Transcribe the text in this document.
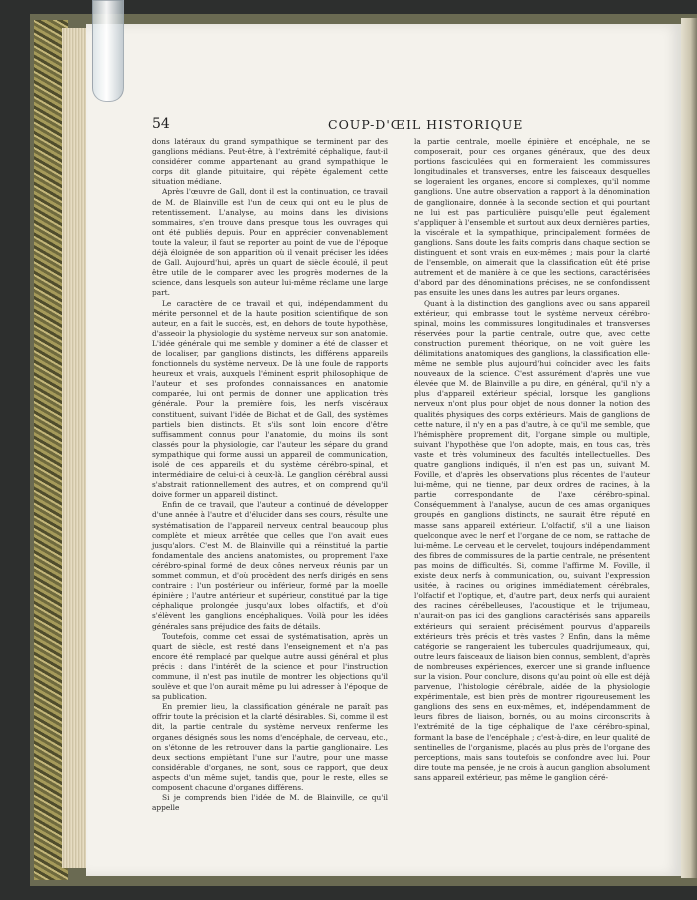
54	COUP-D'ŒIL HISTORIQUE

dons latéraux du grand sympathique se terminent par des ganglions médians. Peut-être, à l'extrémité céphalique, faut-il considérer comme appartenant au grand sympathique le corps dit glande pituitaire, qui répète également cette situation médiane.

Après l'œuvre de Gall, dont il est la continuation, ce travail de M. de Blainville est l'un de ceux qui ont eu le plus de retentissement. L'analyse, au moins dans les divisions sommaires, s'en trouve dans presque tous les ouvrages qui ont été publiés depuis. Pour en apprécier convenablement toute la valeur, il faut se reporter au point de vue de l'époque déjà éloignée de son apparition où il venait préciser les idées de Gall. Aujourd'hui, après un quart de siècle écoulé, il peut être utile de le comparer avec les progrès modernes de la science, dans lesquels son auteur lui-même réclame une large part.

Le caractère de ce travail et qui, indépendamment du mérite personnel et de la haute position scientifique de son auteur, en a fait le succès, est, en dehors de toute hypothèse, d'asseoir la physiologie du système nerveux sur son anatomie. L'idée générale qui me semble y dominer a été de classer et de localiser, par ganglions distincts, les différens appareils fonctionnels du système nerveux. De là une foule de rapports heureux et vrais, auxquels l'éminent esprit philosophique de l'auteur et ses profondes connaissances en anatomie comparée, lui ont permis de donner une application très générale. Pour la première fois, les nerfs viscéraux constituent, suivant l'idée de Bichat et de Gall, des systèmes partiels bien distincts. Et s'ils sont loin encore d'être suffisamment connus pour l'anatomie, du moins ils sont classés pour la physiologie, car l'auteur les sépare du grand sympathique qui forme aussi un appareil de communication, isolé de ces appareils et du système cérébro-spinal, et intermédiaire de celui-ci à ceux-là. Le ganglion cérébral aussi s'abstrait rationnellement des autres, et on comprend qu'il doive former un appareil distinct.

Enfin de ce travail, que l'auteur a continué de développer d'une année à l'autre et d'élucider dans ses cours, résulte une systématisation de l'appareil nerveux central beaucoup plus complète et mieux arrêtée que celles que l'on avait eues jusqu'alors. C'est M. de Blainville qui a réinstitué la partie fondamentale des anciens anatomistes, ou proprement l'axe cérébro-spinal formé de deux cônes nerveux réunis par un sommet commun, et d'où procèdent des nerfs dirigés en sens contraire : l'un postérieur ou inférieur, formé par la moelle épinière ; l'autre antérieur et supérieur, constitué par la tige céphalique prolongée jusqu'aux lobes olfactifs, et d'où s'élèvent les ganglions encéphaliques. Voilà pour les idées générales sans préjudice des faits de détails.

Toutefois, comme cet essai de systématisation, après un quart de siècle, est resté dans l'enseignement et n'a pas encore été remplacé par quelque autre aussi général et plus précis : dans l'intérêt de la science et pour l'instruction commune, il n'est pas inutile de montrer les objections qu'il soulève et que l'on aurait même pu lui adresser à l'époque de sa publication.

En premier lieu, la classification générale ne paraît pas offrir toute la précision et la clarté désirables. Si, comme il est dit, la partie centrale du système nerveux renferme les organes désignés sous les noms d'encéphale, de cerveau, etc., on s'étonne de les retrouver dans la partie ganglionaire. Les deux sections empiètant l'une sur l'autre, pour une masse considérable d'organes, ne sont, sous ce rapport, que deux aspects d'un même sujet, tandis que, pour le reste, elles se composent chacune d'organes différens.

Si je comprends bien l'idée de M. de Blainville, ce qu'il appelle

la partie centrale, moelle épinière et encéphale, ne se composerait, pour ces organes généraux, que des deux portions fasciculées qui en formeraient les commissures longitudinales et transverses, entre les faisceaux desquelles se logeraient les organes, encore si complexes, qu'il nomme ganglions. Une autre observation a rapport à la dénomination de ganglionaire, donnée à la seconde section et qui pourtant ne lui est pas particulière puisqu'elle peut également s'appliquer à l'ensemble et surtout aux deux dernières parties, la viscérale et la sympathique, principalement formées de ganglions. Sans doute les faits compris dans chaque section se distinguent et sont vrais en eux-mêmes ; mais pour la clarté de l'ensemble, on aimerait que la classification eût été prise autrement et de manière à ce que les sections, caractérisées d'abord par des dénominations précises, ne se confondissent pas ensuite les unes dans les autres par leurs organes.

Quant à la distinction des ganglions avec ou sans appareil extérieur, qui embrasse tout le système nerveux cérébro-spinal, moins les commissures longitudinales et transverses réservées pour la partie centrale, outre que, avec cette construction purement théorique, on ne voit guère les délimitations anatomiques des ganglions, la classification elle-même ne semble plus aujourd'hui coïncider avec les faits nouveaux de la science. C'est assurément d'après une vue élevée que M. de Blainville a pu dire, en général, qu'il n'y a plus d'appareil extérieur spécial, lorsque les ganglions nerveux n'ont plus pour objet de nous donner la notion des qualités physiques des corps extérieurs. Mais de ganglions de cette nature, il n'y en a pas d'autre, à ce qu'il me semble, que l'hémisphère proprement dit, l'organe simple ou multiple, suivant l'hypothèse que l'on adopte, mais, en tous cas, très vaste et très volumineux des facultés intellectuelles. Des quatre ganglions indiqués, il n'en est pas un, suivant M. Foville, et d'après les observations plus récentes de l'auteur lui-même, qui ne tienne, par deux ordres de racines, à la partie correspondante de l'axe cérébro-spinal. Conséquemment à l'analyse, aucun de ces amas organiques groupés en ganglions distincts, ne saurait être réputé en masse sans appareil extérieur. L'olfactif, s'il a une liaison quelconque avec le nerf et l'organe de ce nom, se rattache de lui-même. Le cerveau et le cervelet, toujours indépendamment des fibres de commissures de la partie centrale, ne présentent pas moins de difficultés. Si, comme l'affirme M. Foville, il existe deux nerfs à communication, ou, suivant l'expression usitée, à racines ou origines immédiatement cérébrales, l'olfactif et l'optique, et, d'autre part, deux nerfs qui auraient des racines cérébelleuses, l'acoustique et le trijumeau, n'aurait-on pas ici des ganglions caractérisés sans appareils extérieurs qui seraient précisément pourvus d'appareils extérieurs très précis et très vastes ? Enfin, dans la même catégorie se rangeraient les tubercules quadrijumeaux, qui, outre leurs faisceaux de liaison bien connus, semblent, d'après de nombreuses expériences, exercer une si grande influence sur la vision. Pour conclure, disons qu'au point où elle est déjà parvenue, l'histologie cérébrale, aidée de la physiologie expérimentale, est bien près de montrer rigoureusement les ganglions des sens en eux-mêmes, et, indépendamment de leurs fibres de liaison, bornés, ou au moins circonscrits à l'extrémité de la tige céphalique de l'axe cérébro-spinal, formant la base de l'encéphale ; c'est-à-dire, en leur qualité de sentinelles de l'organisme, placés au plus près de l'organe des perceptions, mais sans toutefois se confondre avec lui. Pour dire toute ma pensée, je ne crois à aucun ganglion absolument sans appareil extérieur, pas même le ganglion céré-
